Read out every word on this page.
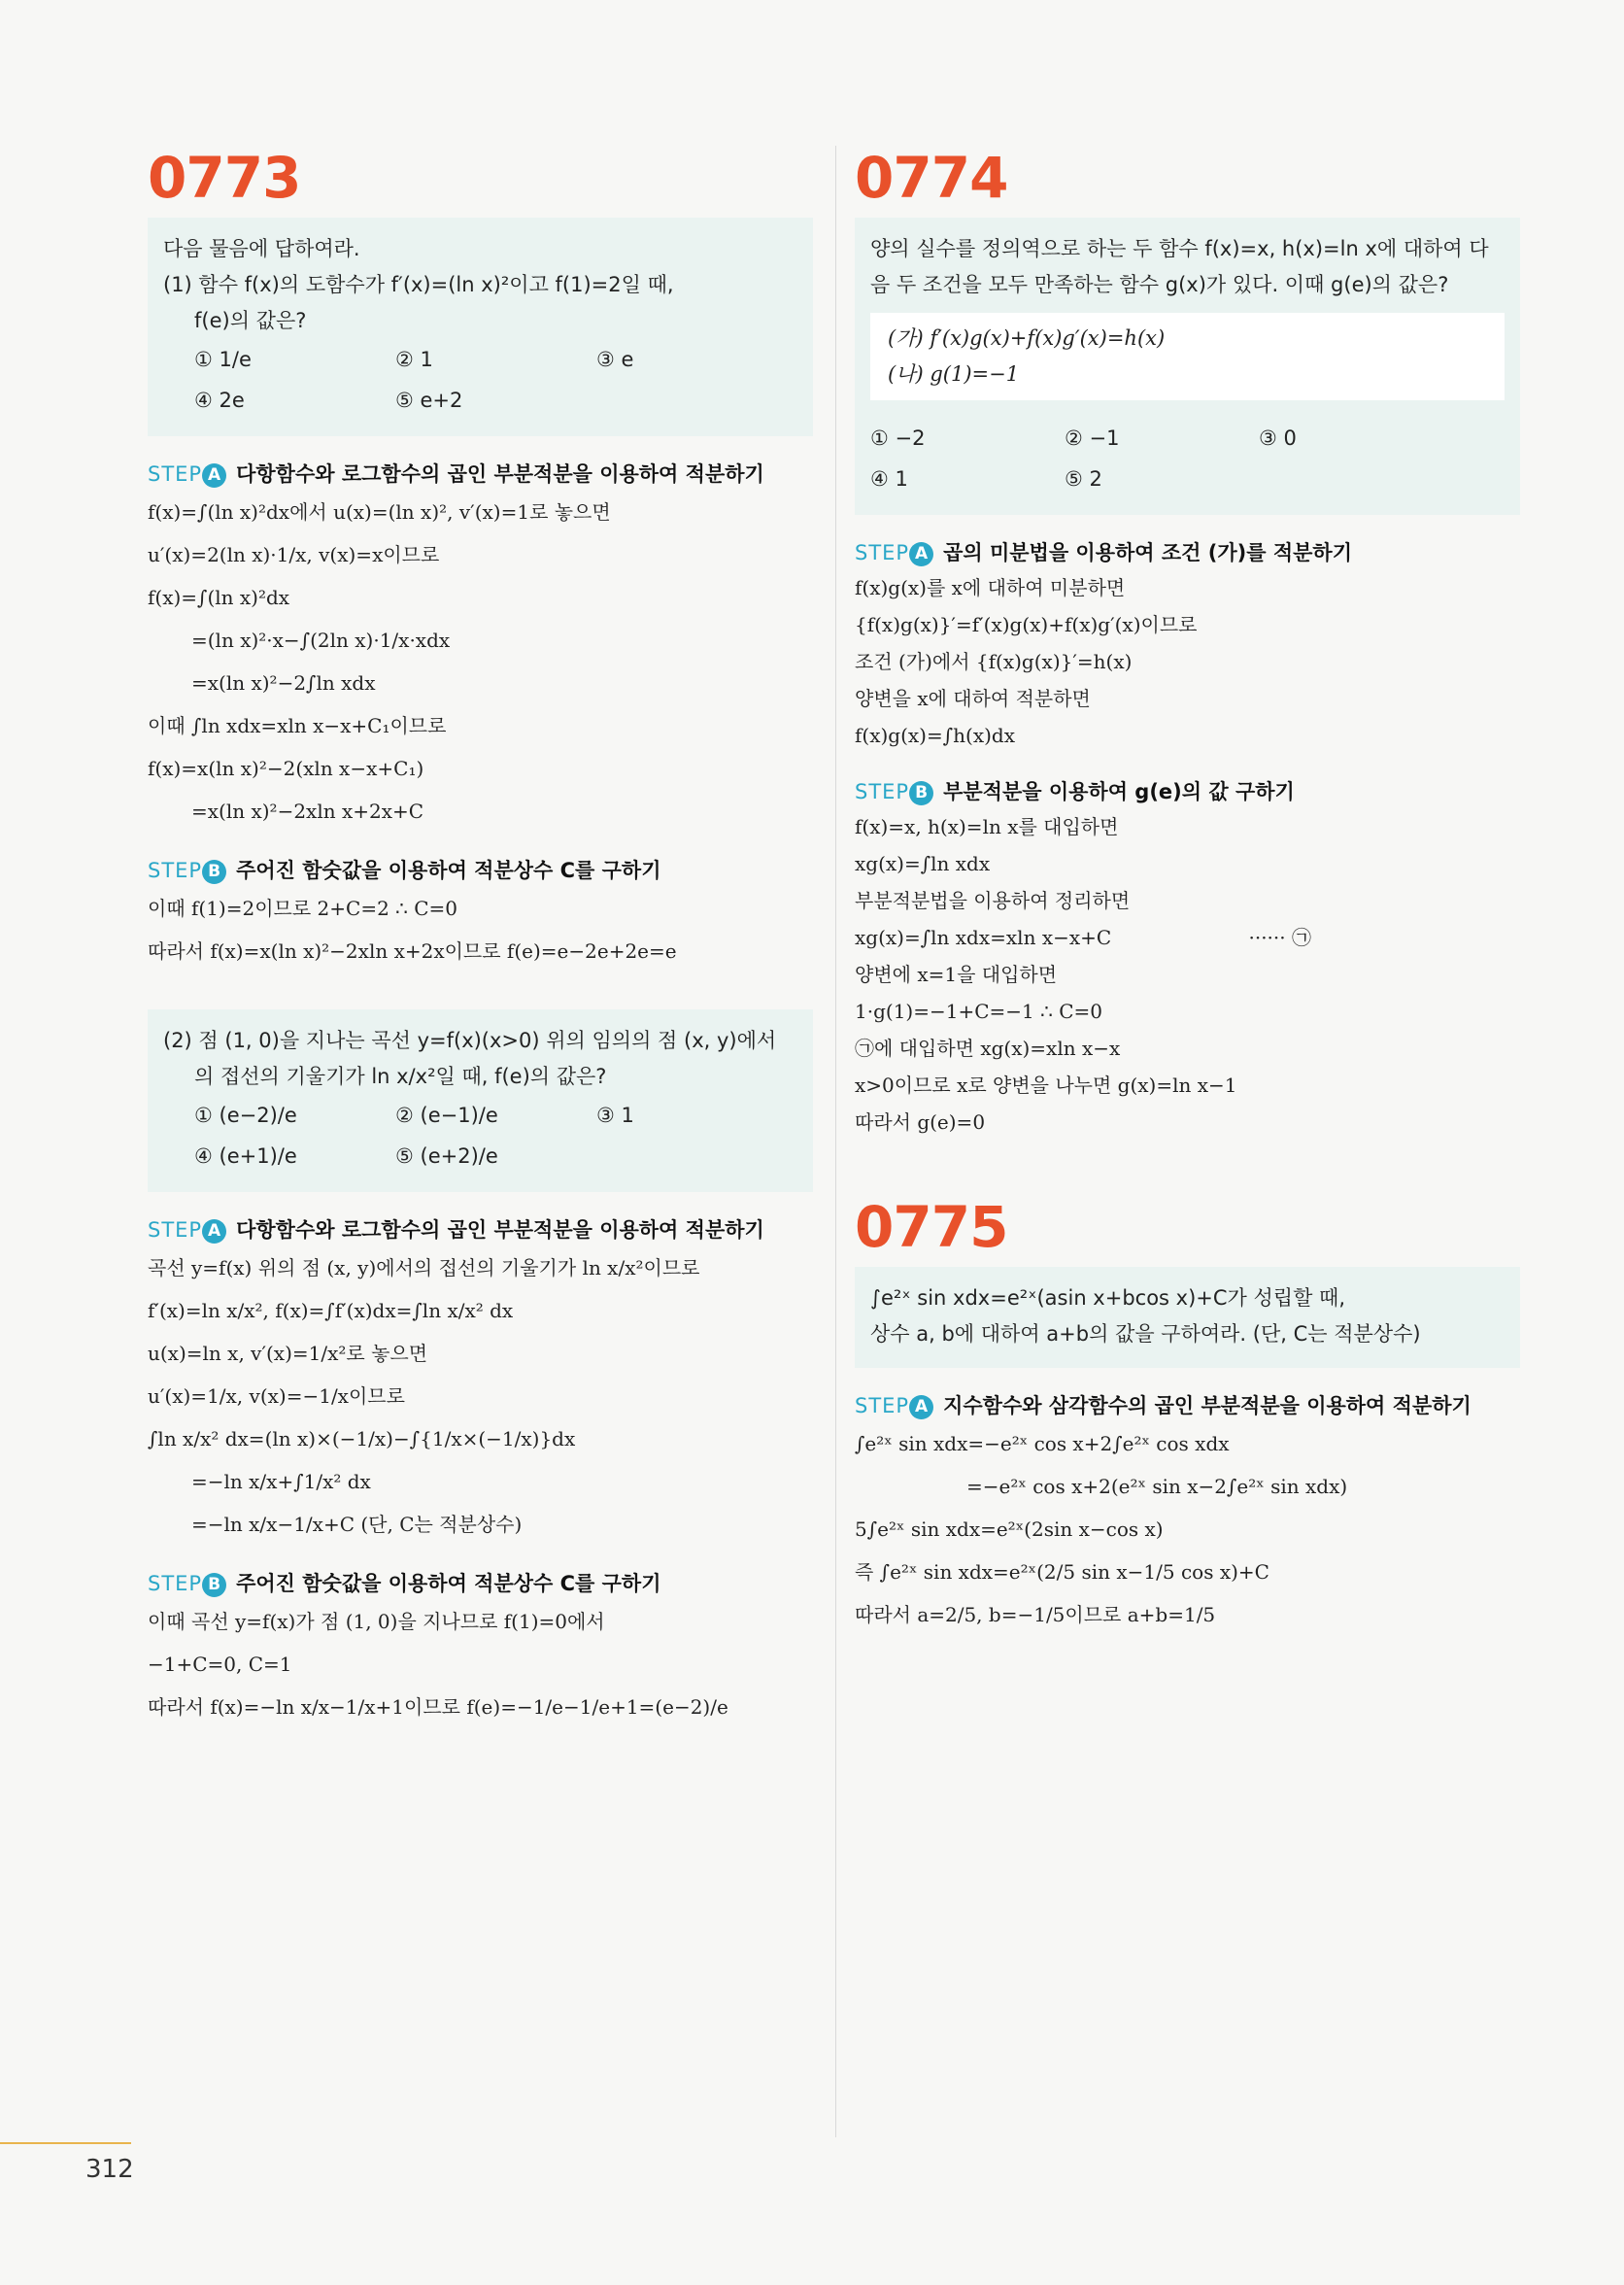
0773
다음 물음에 답하여라.
(1) 함수 f(x)의 도함수가 f′(x)=(ln x)²이고 f(1)=2일 때,
f(e)의 값은?
① 1/e	② 1	③ e
④ 2e	⑤ e+2
STEP A 다항함수와 로그함수의 곱인 부분적분을 이용하여 적분하기
f(x)=∫(ln x)²dx에서 u(x)=(ln x)², v′(x)=1로 놓으면
u′(x)=2(ln x)·1/x, v(x)=x이므로
f(x)=∫(ln x)²dx
=(ln x)²·x−∫(2ln x)·1/x·xdx
=x(ln x)²−2∫ln xdx
이때 ∫ln xdx=xln x−x+C₁이므로
f(x)=x(ln x)²−2(xln x−x+C₁)
=x(ln x)²−2xln x+2x+C
STEP B 주어진 함숫값을 이용하여 적분상수 C를 구하기
이때 f(1)=2이므로 2+C=2 ∴ C=0
따라서 f(x)=x(ln x)²−2xln x+2x이므로 f(e)=e−2e+2e=e
(2) 점 (1, 0)을 지나는 곡선 y=f(x)(x>0) 위의 임의의 점 (x, y)에서
의 접선의 기울기가 ln x/x²일 때, f(e)의 값은?
① (e−2)/e	② (e−1)/e	③ 1
④ (e+1)/e	⑤ (e+2)/e
STEP A 다항함수와 로그함수의 곱인 부분적분을 이용하여 적분하기
곡선 y=f(x) 위의 점 (x, y)에서의 접선의 기울기가 ln x/x²이므로
f′(x)=ln x/x², f(x)=∫f′(x)dx=∫ln x/x² dx
u(x)=ln x, v′(x)=1/x²로 놓으면
u′(x)=1/x, v(x)=−1/x이므로
∫ln x/x² dx=(ln x)×(−1/x)−∫{1/x×(−1/x)}dx
=−ln x/x+∫1/x² dx
=−ln x/x−1/x+C (단, C는 적분상수)
STEP B 주어진 함숫값을 이용하여 적분상수 C를 구하기
이때 곡선 y=f(x)가 점 (1, 0)을 지나므로 f(1)=0에서
−1+C=0, C=1
따라서 f(x)=−ln x/x−1/x+1이므로 f(e)=−1/e−1/e+1=(e−2)/e
0774
양의 실수를 정의역으로 하는 두 함수 f(x)=x, h(x)=ln x에 대하여 다
음 두 조건을 모두 만족하는 함수 g(x)가 있다. 이때 g(e)의 값은?
(가) f′(x)g(x)+f(x)g′(x)=h(x)
(나) g(1)=−1
① −2	② −1	③ 0
④ 1	⑤ 2
STEP A 곱의 미분법을 이용하여 조건 (가)를 적분하기
f(x)g(x)를 x에 대하여 미분하면
{f(x)g(x)}′=f′(x)g(x)+f(x)g′(x)이므로
조건 (가)에서 {f(x)g(x)}′=h(x)
양변을 x에 대하여 적분하면
f(x)g(x)=∫h(x)dx
STEP B 부분적분을 이용하여 g(e)의 값 구하기
f(x)=x, h(x)=ln x를 대입하면
xg(x)=∫ln xdx
부분적분법을 이용하여 정리하면
xg(x)=∫ln xdx=xln x−x+C	······ ㉠
양변에 x=1을 대입하면
1·g(1)=−1+C=−1 ∴ C=0
㉠에 대입하면 xg(x)=xln x−x
x>0이므로 x로 양변을 나누면 g(x)=ln x−1
따라서 g(e)=0
0775
∫e²ˣ sin xdx=e²ˣ(asin x+bcos x)+C가 성립할 때,
상수 a, b에 대하여 a+b의 값을 구하여라. (단, C는 적분상수)
STEP A 지수함수와 삼각함수의 곱인 부분적분을 이용하여 적분하기
∫e²ˣ sin xdx=−e²ˣ cos x+2∫e²ˣ cos xdx
=−e²ˣ cos x+2(e²ˣ sin x−2∫e²ˣ sin xdx)
5∫e²ˣ sin xdx=e²ˣ(2sin x−cos x)
즉 ∫e²ˣ sin xdx=e²ˣ(2/5 sin x−1/5 cos x)+C
따라서 a=2/5, b=−1/5이므로 a+b=1/5
312
